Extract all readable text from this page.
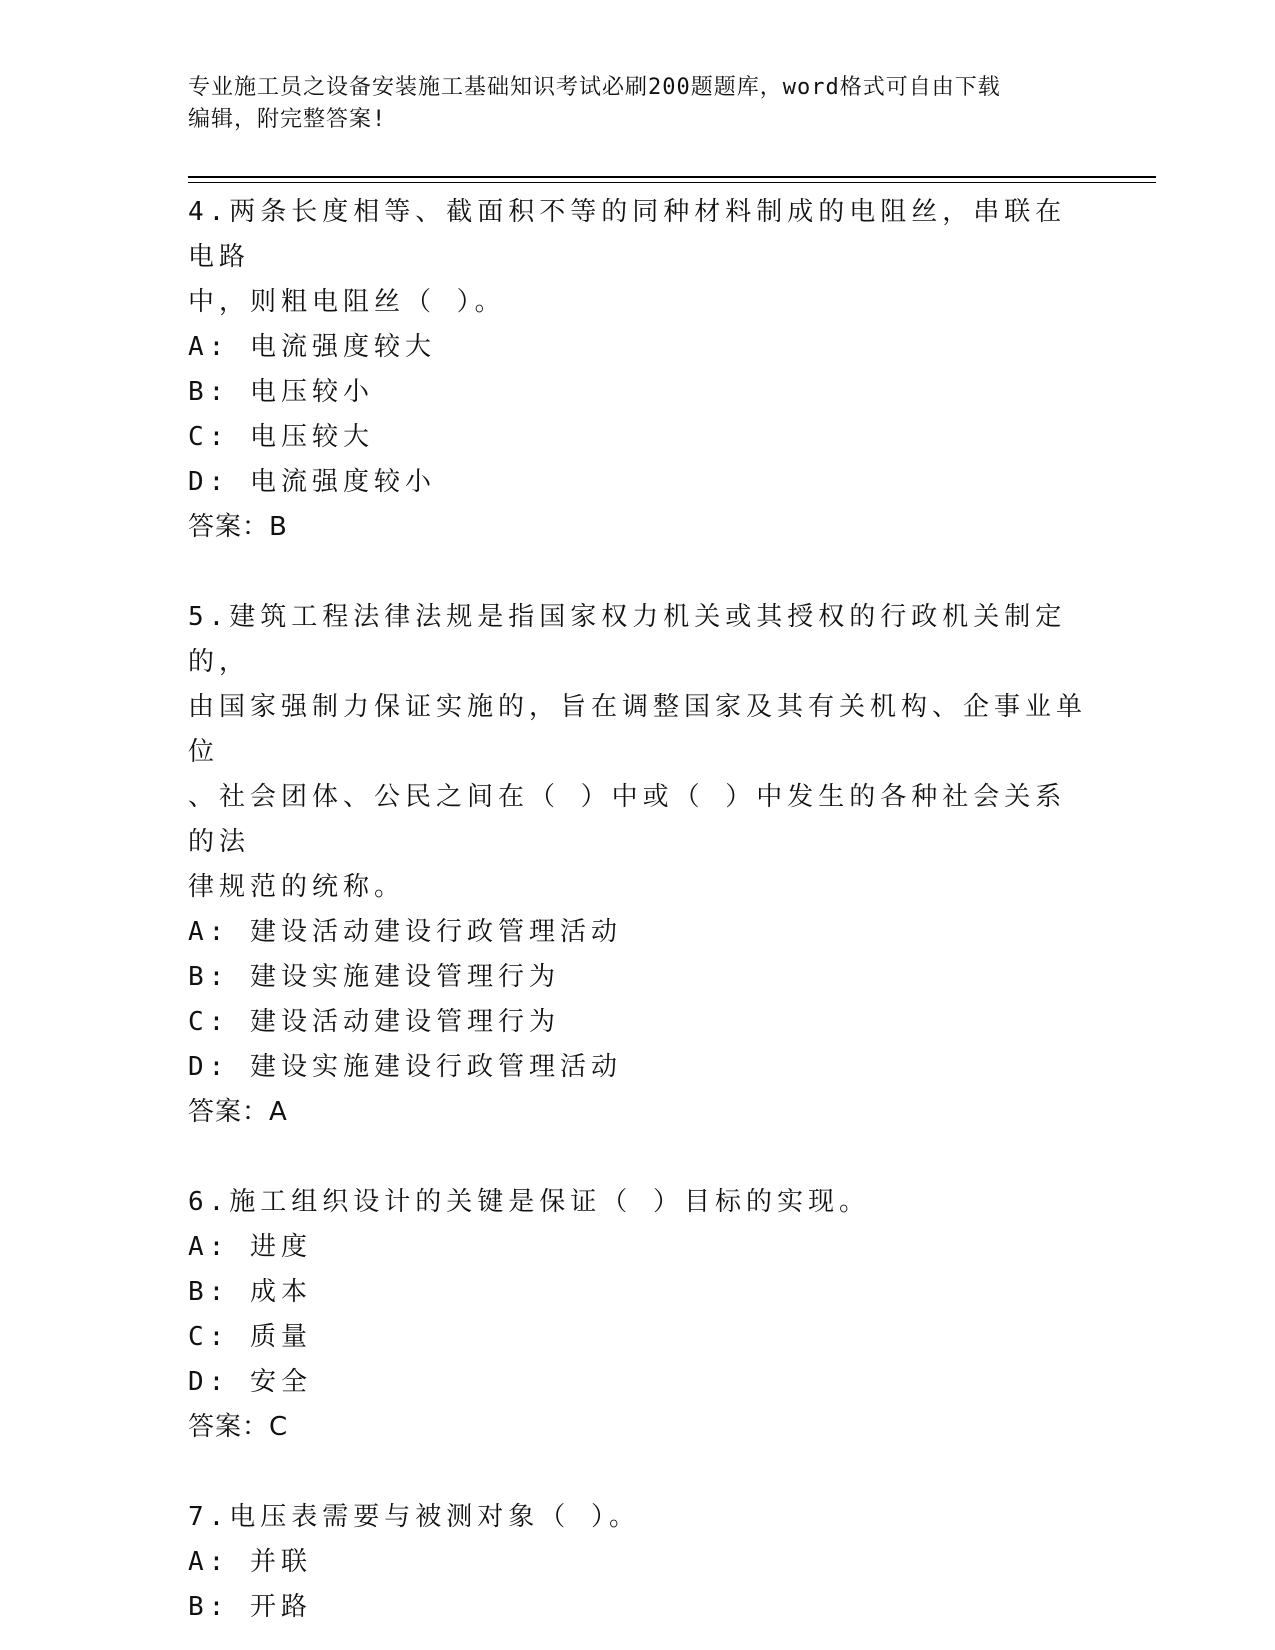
专业施工员之设备安装施工基础知识考试必刷200题题库，word格式可自由下载
编辑，附完整答案!
4.两条长度相等、截面积不等的同种材料制成的电阻丝，串联在电路
中，则粗电阻丝（ ）。
A: 电流强度较大
B: 电压较小
C: 电压较大
D: 电流强度较小
答案：B
5.建筑工程法律法规是指国家权力机关或其授权的行政机关制定的，
由国家强制力保证实施的，旨在调整国家及其有关机构、企事业单位
、社会团体、公民之间在（ ）中或（ ）中发生的各种社会关系的法
律规范的统称。
A: 建设活动建设行政管理活动
B: 建设实施建设管理行为
C: 建设活动建设管理行为
D: 建设实施建设行政管理活动
答案：A
6.施工组织设计的关键是保证（ ）目标的实现。
A: 进度
B: 成本
C: 质量
D: 安全
答案：C
7.电压表需要与被测对象（ ）。
A: 并联
B: 开路
